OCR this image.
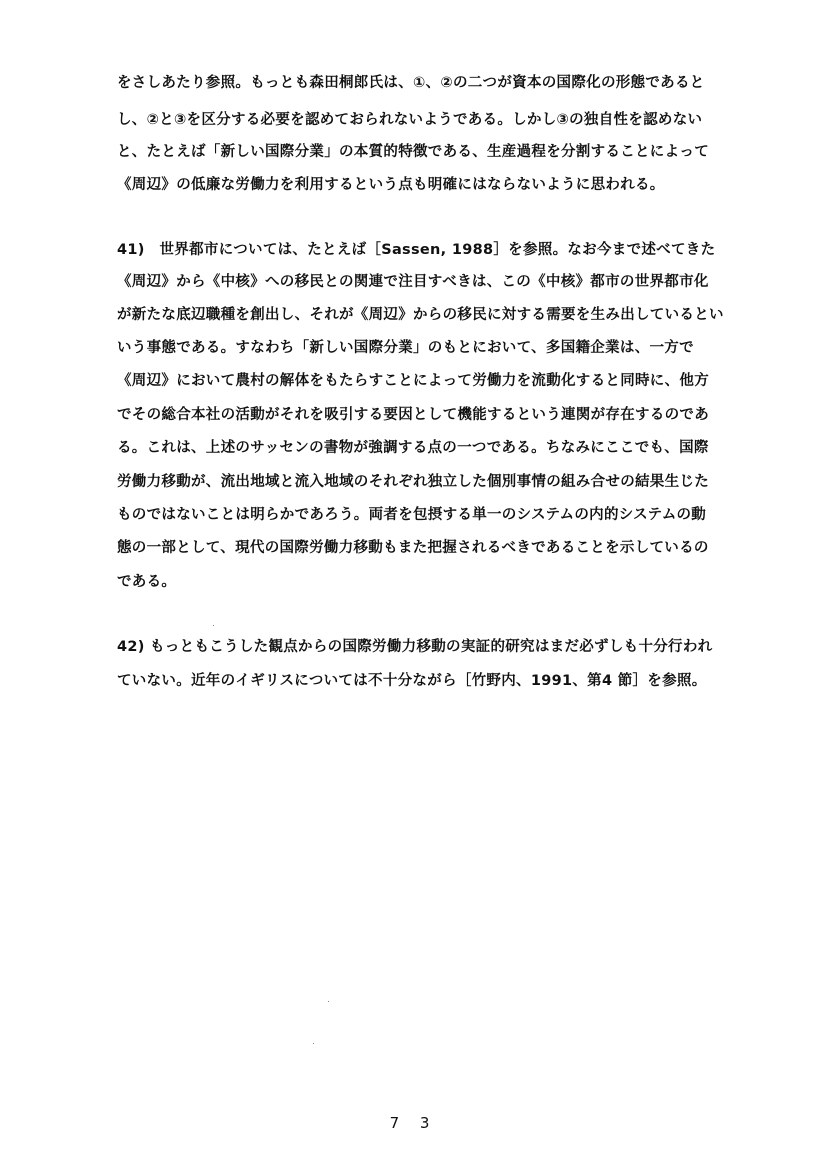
をさしあたり参照。もっとも森田桐郎氏は、①、②の二つが資本の国際化の形態であると
し、②と③を区分する必要を認めておられないようである。しかし③の独自性を認めない
と、たとえば「新しい国際分業」の本質的特徴である、生産過程を分割することによって
《周辺》の低廉な労働力を利用するという点も明確にはならないように思われる。
41)　世界都市については、たとえば［Sassen, 1988］を参照。なお今まで述べてきた
《周辺》から《中核》への移民との関連で注目すべきは、この《中核》都市の世界都市化
が新たな底辺職種を創出し、それが《周辺》からの移民に対する需要を生み出しているとい
いう事態である。すなわち「新しい国際分業」のもとにおいて、多国籍企業は、一方で
《周辺》において農村の解体をもたらすことによって労働力を流動化すると同時に、他方
でその総合本社の活動がそれを吸引する要因として機能するという連関が存在するのであ
る。これは、上述のサッセンの書物が強調する点の一つである。ちなみにここでも、国際
労働力移動が、流出地域と流入地域のそれぞれ独立した個別事情の組み合せの結果生じた
ものではないことは明らかであろう。両者を包摂する単一のシステムの内的システムの動
態の一部として、現代の国際労働力移動もまた把握されるべきであることを示しているの
である。
42) もっともこうした観点からの国際労働力移動の実証的研究はまだ必ずしも十分行われ
ていない。近年のイギリスについては不十分ながら［竹野内、1991、第4 節］を参照。
7 3
